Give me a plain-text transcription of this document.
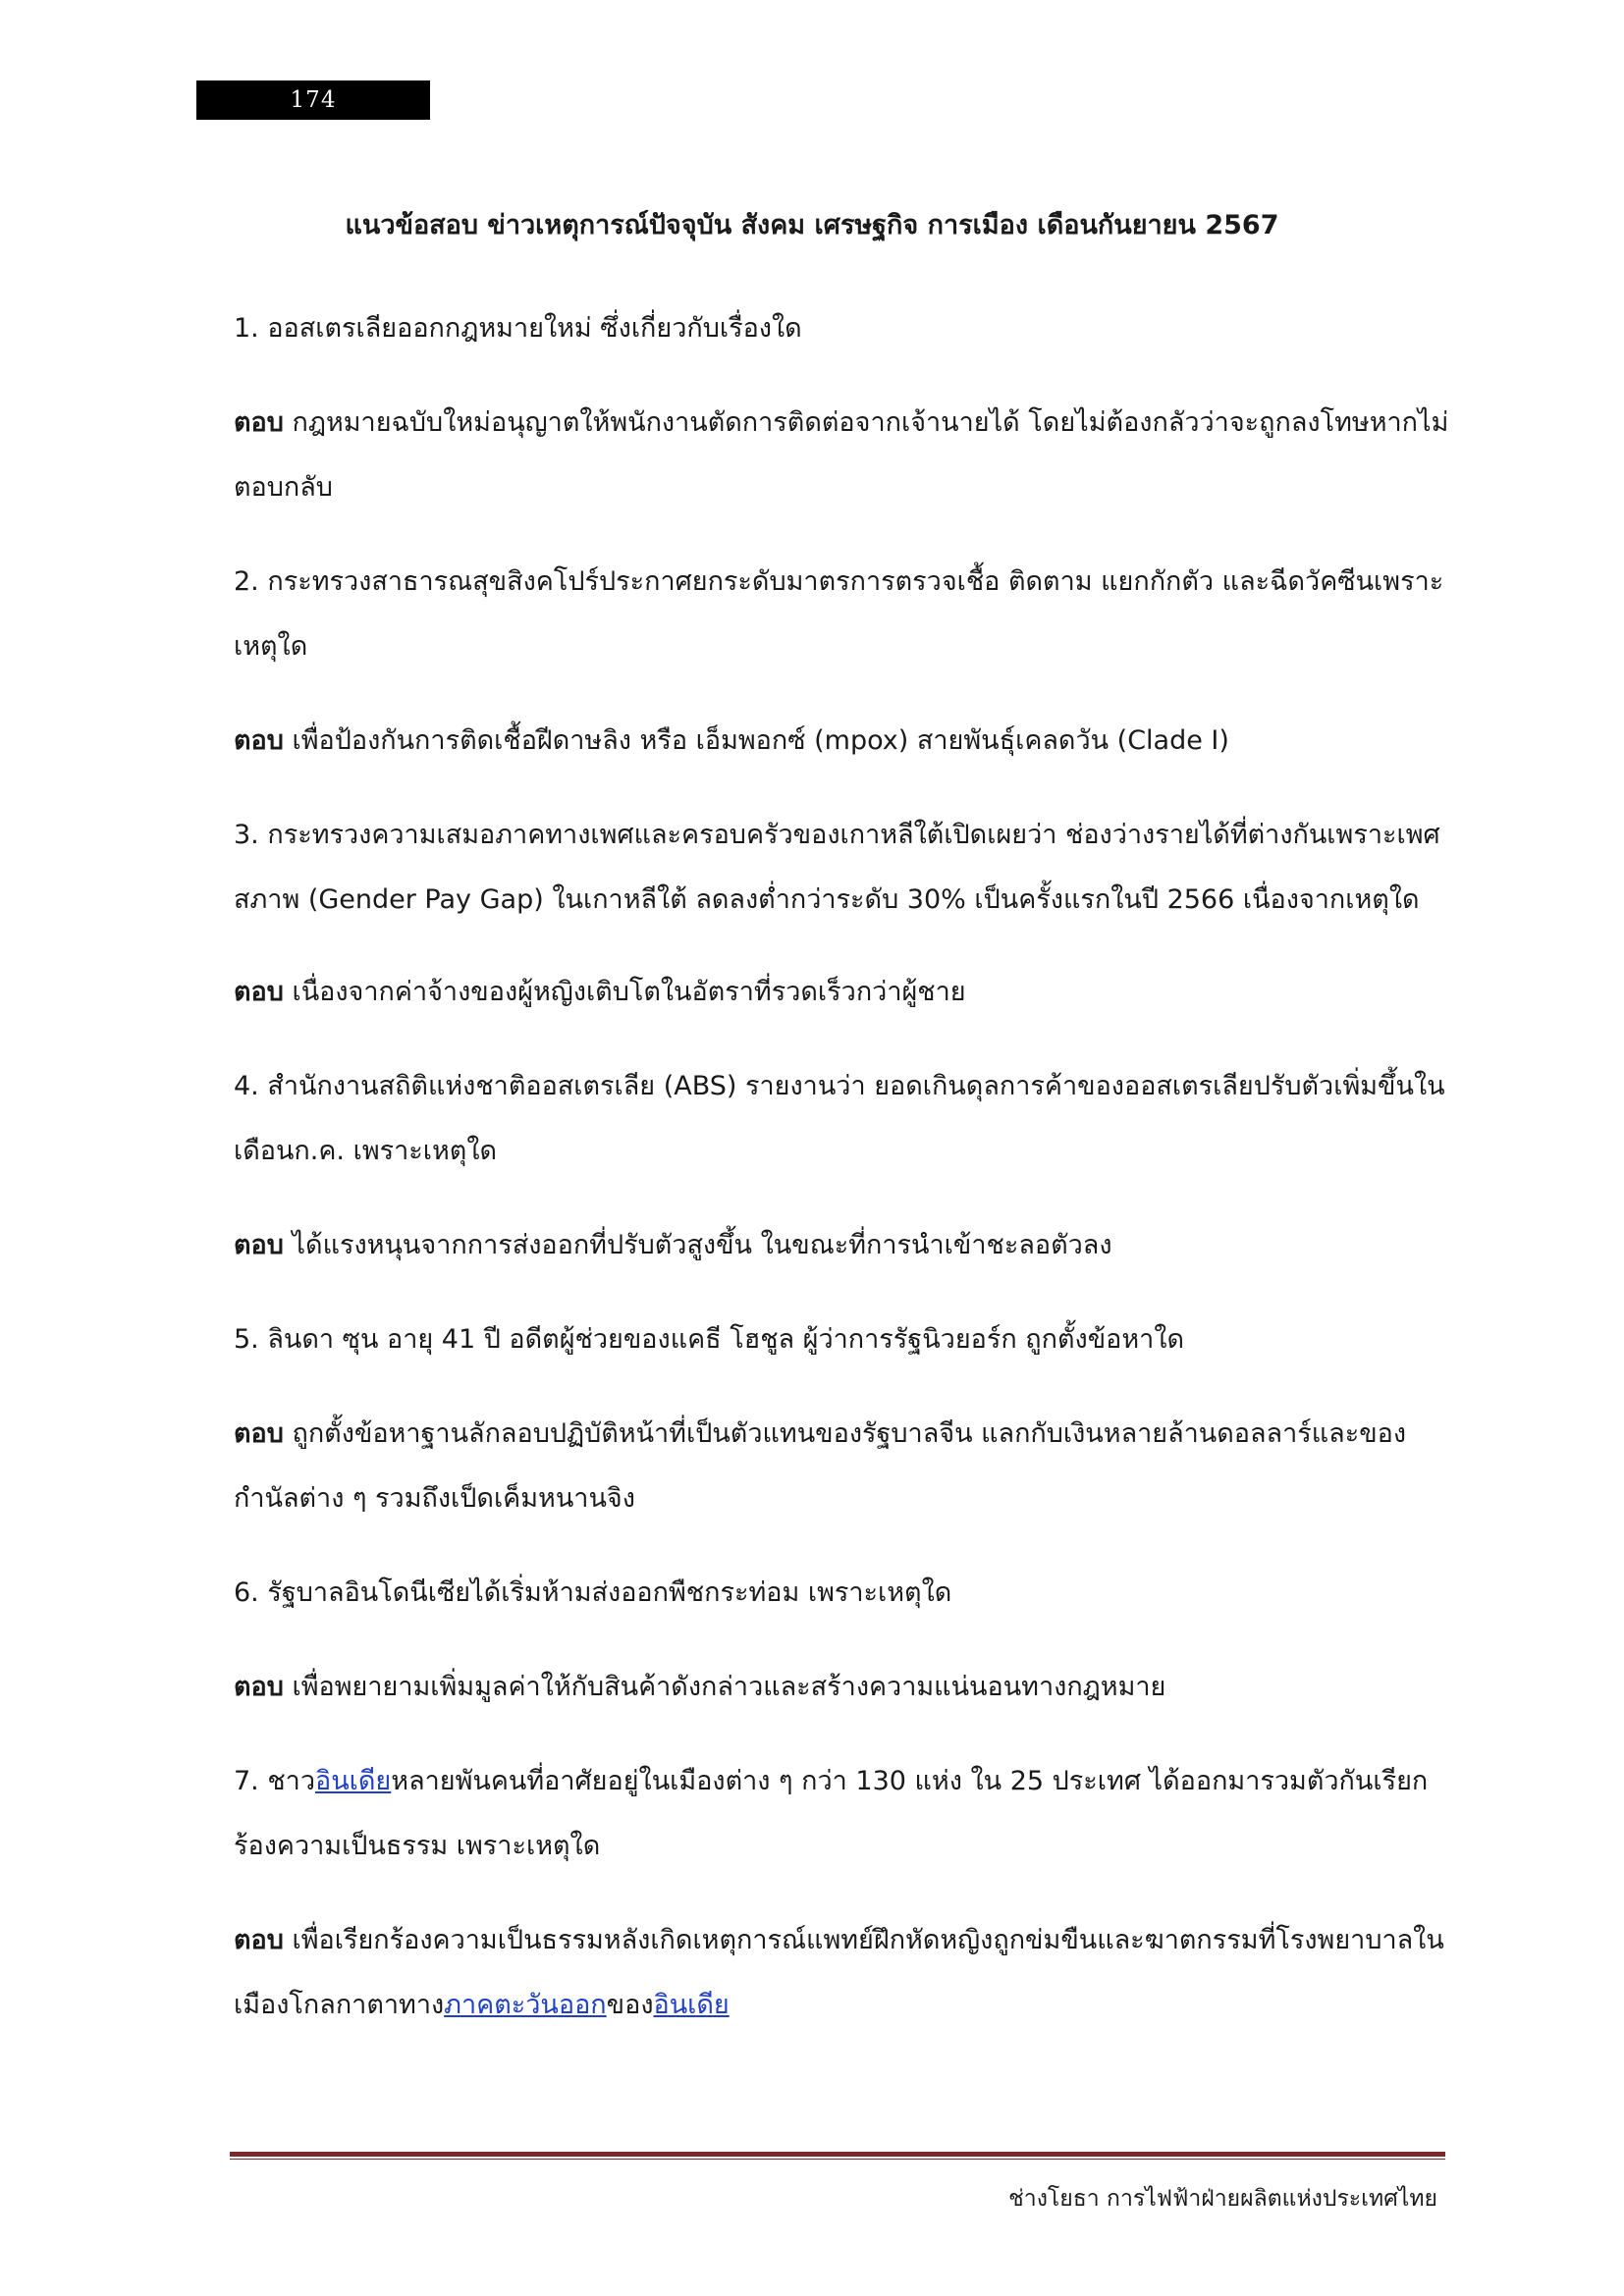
174
แนวข้อสอบ ข่าวเหตุการณ์ปัจจุบัน สังคม เศรษฐกิจ การเมือง เดือนกันยายน 2567

1. ออสเตรเลียออกกฎหมายใหม่ ซึ่งเกี่ยวกับเรื่องใด

ตอบ กฎหมายฉบับใหม่อนุญาตให้พนักงานตัดการติดต่อจากเจ้านายได้ โดยไม่ต้องกลัวว่าจะถูกลงโทษหากไม่ตอบกลับ

2. กระทรวงสาธารณสุขสิงคโปร์ประกาศยกระดับมาตรการตรวจเชื้อ ติดตาม แยกกักตัว และฉีดวัคซีนเพราะเหตุใด

ตอบ เพื่อป้องกันการติดเชื้อฝีดาษลิง หรือ เอ็มพอกซ์ (mpox) สายพันธุ์เคลดวัน (Clade I)

3. กระทรวงความเสมอภาคทางเพศและครอบครัวของเกาหลีใต้เปิดเผยว่า ช่องว่างรายได้ที่ต่างกันเพราะเพศสภาพ (Gender Pay Gap) ในเกาหลีใต้ ลดลงต่ำกว่าระดับ 30% เป็นครั้งแรกในปี 2566 เนื่องจากเหตุใด

ตอบ เนื่องจากค่าจ้างของผู้หญิงเติบโตในอัตราที่รวดเร็วกว่าผู้ชาย

4. สำนักงานสถิติแห่งชาติออสเตรเลีย (ABS) รายงานว่า ยอดเกินดุลการค้าของออสเตรเลียปรับตัวเพิ่มขึ้นในเดือนก.ค. เพราะเหตุใด

ตอบ ได้แรงหนุนจากการส่งออกที่ปรับตัวสูงขึ้น ในขณะที่การนำเข้าชะลอตัวลง

5. ลินดา ซุน อายุ 41 ปี อดีตผู้ช่วยของแคธี โฮชูล ผู้ว่าการรัฐนิวยอร์ก ถูกตั้งข้อหาใด

ตอบ ถูกตั้งข้อหาฐานลักลอบปฏิบัติหน้าที่เป็นตัวแทนของรัฐบาลจีน แลกกับเงินหลายล้านดอลลาร์และของกำนัลต่าง ๆ รวมถึงเป็ดเค็มหนานจิง

6. รัฐบาลอินโดนีเซียได้เริ่มห้ามส่งออกพืชกระท่อม เพราะเหตุใด

ตอบ เพื่อพยายามเพิ่มมูลค่าให้กับสินค้าดังกล่าวและสร้างความแน่นอนทางกฎหมาย

7. ชาวอินเดียหลายพันคนที่อาศัยอยู่ในเมืองต่าง ๆ กว่า 130 แห่ง ใน 25 ประเทศ ได้ออกมารวมตัวกันเรียกร้องความเป็นธรรม เพราะเหตุใด

ตอบ เพื่อเรียกร้องความเป็นธรรมหลังเกิดเหตุการณ์แพทย์ฝึกหัดหญิงถูกข่มขืนและฆาตกรรมที่โรงพยาบาลในเมืองโกลกาตาทางภาคตะวันออกของอินเดีย

ช่างโยธา การไฟฟ้าฝ่ายผลิตแห่งประเทศไทย
